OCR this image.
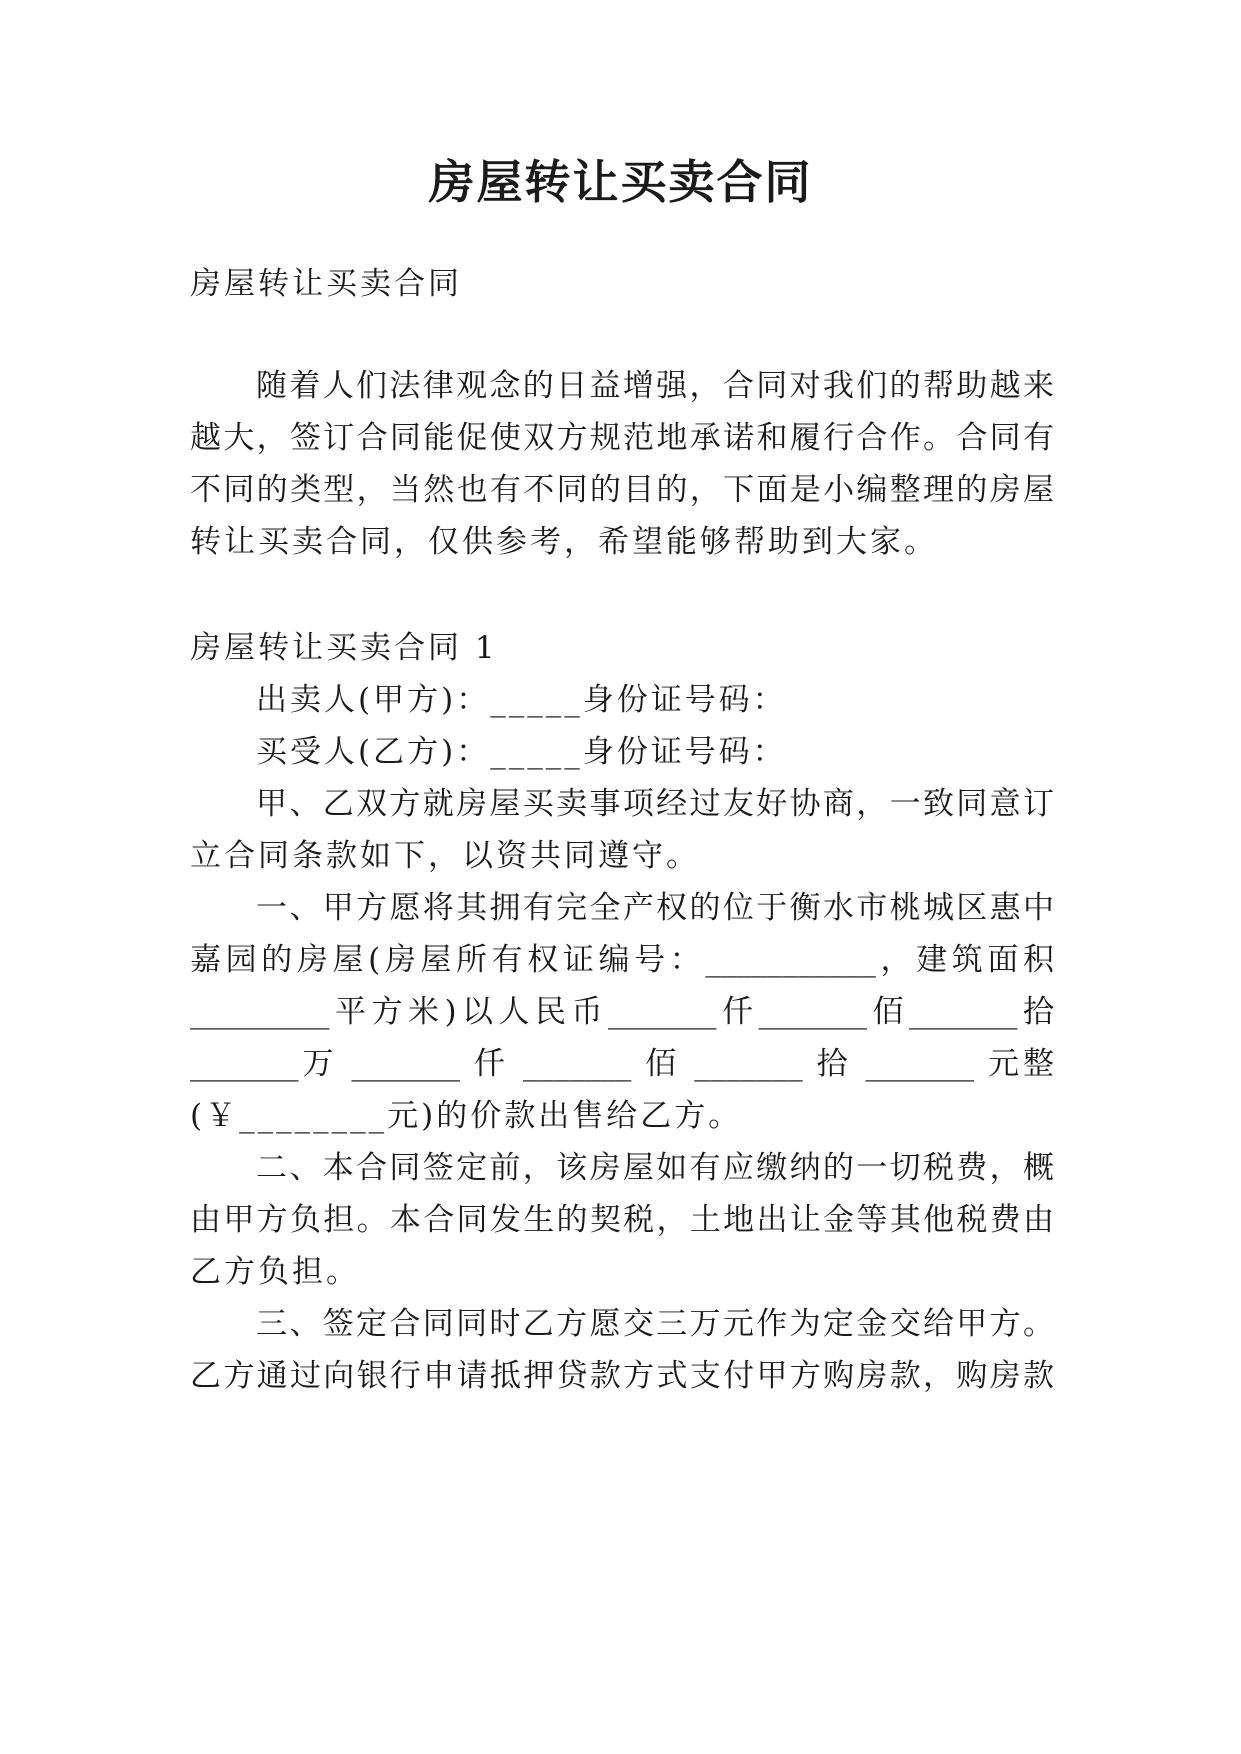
房屋转让买卖合同

房屋转让买卖合同

随着人们法律观念的日益增强，合同对我们的帮助越来

越大，签订合同能促使双方规范地承诺和履行合作。合同有

不同的类型，当然也有不同的目的，下面是小编整理的房屋

转让买卖合同，仅供参考，希望能够帮助到大家。

房屋转让买卖合同 1

出卖人(甲方)：_____身份证号码：

买受人(乙方)：_____身份证号码：

甲、乙双方就房屋买卖事项经过友好协商，一致同意订

立合同条款如下，以资共同遵守。

一、甲方愿将其拥有完全产权的位于衡水市桃城区惠中

嘉园的房屋(房屋所有权证编号：___________，建筑面积

_________平方米)以人民币_______仟_______佰_______拾

_______万 _______ 仟 _______ 佰 _______ 拾 _______ 元整

(￥________元)的价款出售给乙方。

二、本合同签定前，该房屋如有应缴纳的一切税费，概

由甲方负担。本合同发生的契税，土地出让金等其他税费由

乙方负担。

三、签定合同同时乙方愿交三万元作为定金交给甲方。

乙方通过向银行申请抵押贷款方式支付甲方购房款，购房款
